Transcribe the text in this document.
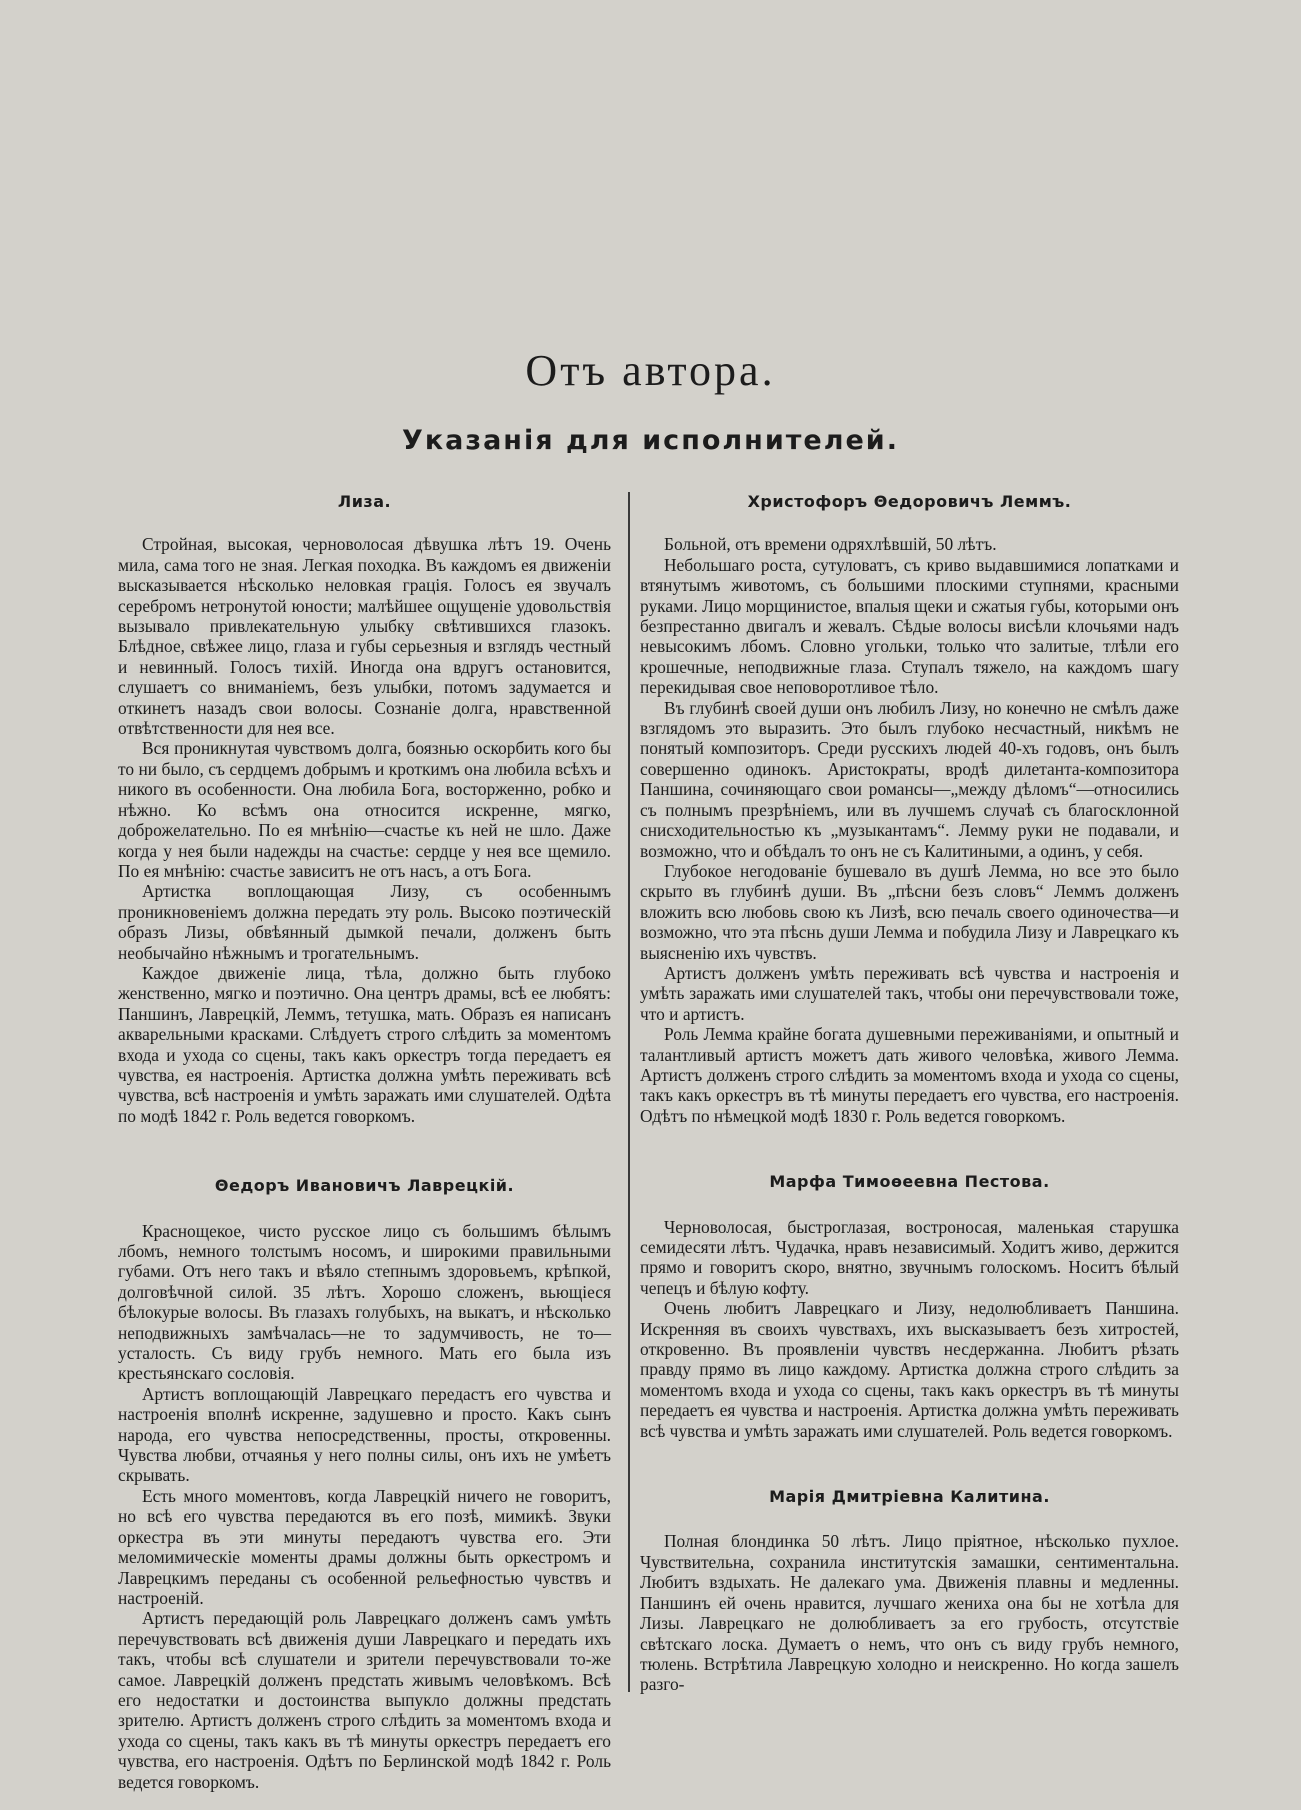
Отъ автора.
Указанія для исполнителей.
Лиза.

Стройная, высокая, черноволосая дѣвушка лѣтъ 19. Очень мила, сама того не зная. Легкая походка. Въ каждомъ ея движеніи высказывается нѣсколько неловкая грація. Голосъ ея звучалъ серебромъ нетронутой юности; малѣйшее ощущеніе удовольствія вызывало привлекательную улыбку свѣтившихся глазокъ. Блѣдное, свѣжее лицо, глаза и губы серьезныя и взглядъ честный и невинный. Голосъ тихій. Иногда она вдругъ остановится, слушаетъ со вниманіемъ, безъ улыбки, потомъ задумается и откинетъ назадъ свои волосы. Сознаніе долга, нравственной отвѣтственности для нея все.

Вся проникнутая чувствомъ долга, боязнью оскорбить кого бы то ни было, съ сердцемъ добрымъ и кроткимъ она любила всѣхъ и никого въ особенности. Она любила Бога, восторженно, робко и нѣжно. Ко всѣмъ она относится искренне, мягко, доброжелательно. По ея мнѣнію—счастье къ ней не шло. Даже когда у нея были надежды на счастье: сердце у нея все щемило. По ея мнѣнію: счастье зависитъ не отъ насъ, а отъ Бога.

Артистка воплощающая Лизу, съ особеннымъ проникновеніемъ должна передать эту роль. Высоко поэтическій образъ Лизы, обвѣянный дымкой печали, долженъ быть необычайно нѣжнымъ и трогательнымъ.

Каждое движеніе лица, тѣла, должно быть глубоко женственно, мягко и поэтично. Она центръ драмы, всѣ ее любятъ: Паншинъ, Лаврецкій, Леммъ, тетушка, мать. Образъ ея написанъ акварельными красками. Слѣдуетъ строго слѣдить за моментомъ входа и ухода со сцены, такъ какъ оркестръ тогда передаетъ ея чувства, ея настроенія. Артистка должна умѣть переживать всѣ чувства, всѣ настроенія и умѣть заражать ими слушателей. Одѣта по модѣ 1842 г. Роль ведется говоркомъ.

Θедоръ Ивановичъ Лаврецкій.

Краснощекое, чисто русское лицо съ большимъ бѣлымъ лбомъ, немного толстымъ носомъ, и широкими правильными губами. Отъ него такъ и вѣяло степнымъ здоровьемъ, крѣпкой, долговѣчной силой. 35 лѣтъ. Хорошо сложенъ, вьющіеся бѣлокурые волосы. Въ глазахъ голубыхъ, на выкатъ, и нѣсколько неподвижныхъ замѣчалась—не то задумчивость, не то—усталость. Съ виду грубъ немного. Мать его была изъ крестьянскаго сословія.

Артистъ воплощающій Лаврецкаго передастъ его чувства и настроенія вполнѣ искренне, задушевно и просто. Какъ сынъ народа, его чувства непосредственны, просты, откровенны. Чувства любви, отчаянья у него полны силы, онъ ихъ не умѣетъ скрывать.

Есть много моментовъ, когда Лаврецкій ничего не говоритъ, но всѣ его чувства передаются въ его позѣ, мимикѣ. Звуки оркестра въ эти минуты передаютъ чувства его. Эти меломимическіе моменты драмы должны быть оркестромъ и Лаврецкимъ переданы съ особенной рельефностью чувствъ и настроеній.

Артистъ передающій роль Лаврецкаго долженъ самъ умѣть перечувствовать всѣ движенія души Лаврецкаго и передать ихъ такъ, чтобы всѣ слушатели и зрители перечувствовали то-же самое. Лаврецкій долженъ предстать живымъ человѣкомъ. Всѣ его недостатки и достоинства выпукло должны предстать зрителю. Артистъ долженъ строго слѣдить за моментомъ входа и ухода со сцены, такъ какъ въ тѣ минуты оркестръ передаетъ его чувства, его настроенія. Одѣтъ по Берлинской модѣ 1842 г. Роль ведется говоркомъ.

Христофоръ Θедоровичъ Леммъ.

Больной, отъ времени одряхлѣвшій, 50 лѣтъ.

Небольшаго роста, сутуловатъ, съ криво выдавшимися лопатками и втянутымъ животомъ, съ большими плоскими ступнями, красными руками. Лицо морщинистое, впалыя щеки и сжатыя губы, которыми онъ безпрестанно двигалъ и жевалъ. Сѣдые волосы висѣли клочьями надъ невысокимъ лбомъ. Словно угольки, только что залитые, тлѣли его крошечные, неподвижные глаза. Ступалъ тяжело, на каждомъ шагу перекидывая свое неповоротливое тѣло.

Въ глубинѣ своей души онъ любилъ Лизу, но конечно не смѣлъ даже взглядомъ это выразить. Это былъ глубоко несчастный, никѣмъ не понятый композиторъ. Среди русскихъ людей 40-хъ годовъ, онъ былъ совершенно одинокъ. Аристократы, вродѣ дилетанта-композитора Паншина, сочиняющаго свои романсы—„между дѣломъ“—относились съ полнымъ презрѣніемъ, или въ лучшемъ случаѣ съ благосклонной снисходительностью къ „музыкантамъ“. Лемму руки не подавали, и возможно, что и обѣдалъ то онъ не съ Калитиными, а одинъ, у себя.

Глубокое негодованіе бушевало въ душѣ Лемма, но все это было скрыто въ глубинѣ души. Въ „пѣсни безъ словъ“ Леммъ долженъ вложить всю любовь свою къ Лизѣ, всю печаль своего одиночества—и возможно, что эта пѣснь души Лемма и побудила Лизу и Лаврецкаго къ выясненію ихъ чувствъ.

Артистъ долженъ умѣть переживать всѣ чувства и настроенія и умѣть заражать ими слушателей такъ, чтобы они перечувствовали тоже, что и артистъ.

Роль Лемма крайне богата душевными переживаніями, и опытный и талантливый артистъ можетъ дать живого человѣка, живого Лемма. Артистъ долженъ строго слѣдить за моментомъ входа и ухода со сцены, такъ какъ оркестръ въ тѣ минуты передаетъ его чувства, его настроенія. Одѣтъ по нѣмецкой модѣ 1830 г. Роль ведется говоркомъ.

Марфа Тимоѳеевна Пестова.

Черноволосая, быстроглазая, востроносая, маленькая старушка семидесяти лѣтъ. Чудачка, нравъ независимый. Ходитъ живо, держится прямо и говоритъ скоро, внятно, звучнымъ голоскомъ. Носитъ бѣлый чепецъ и бѣлую кофту.

Очень любитъ Лаврецкаго и Лизу, недолюбливаетъ Паншина. Искренняя въ своихъ чувствахъ, ихъ высказываетъ безъ хитростей, откровенно. Въ проявленіи чувствъ несдержанна. Любитъ рѣзать правду прямо въ лицо каждому. Артистка должна строго слѣдить за моментомъ входа и ухода со сцены, такъ какъ оркестръ въ тѣ минуты передаетъ ея чувства и настроенія. Артистка должна умѣть переживать всѣ чувства и умѣть заражать ими слушателей. Роль ведется говоркомъ.

Марія Дмитріевна Калитина.

Полная блондинка 50 лѣтъ. Лицо пріятное, нѣсколько пухлое. Чувствительна, сохранила институтскія замашки, сентиментальна. Любитъ вздыхать. Не далекаго ума. Движенія плавны и медленны. Паншинъ ей очень нравится, лучшаго жениха она бы не хотѣла для Лизы. Лаврецкаго не долюбливаетъ за его грубость, отсутствіе свѣтскаго лоска. Думаетъ о немъ, что онъ съ виду грубъ немного, тюлень. Встрѣтила Лаврецкую холодно и неискренно. Но когда зашелъ разго-
